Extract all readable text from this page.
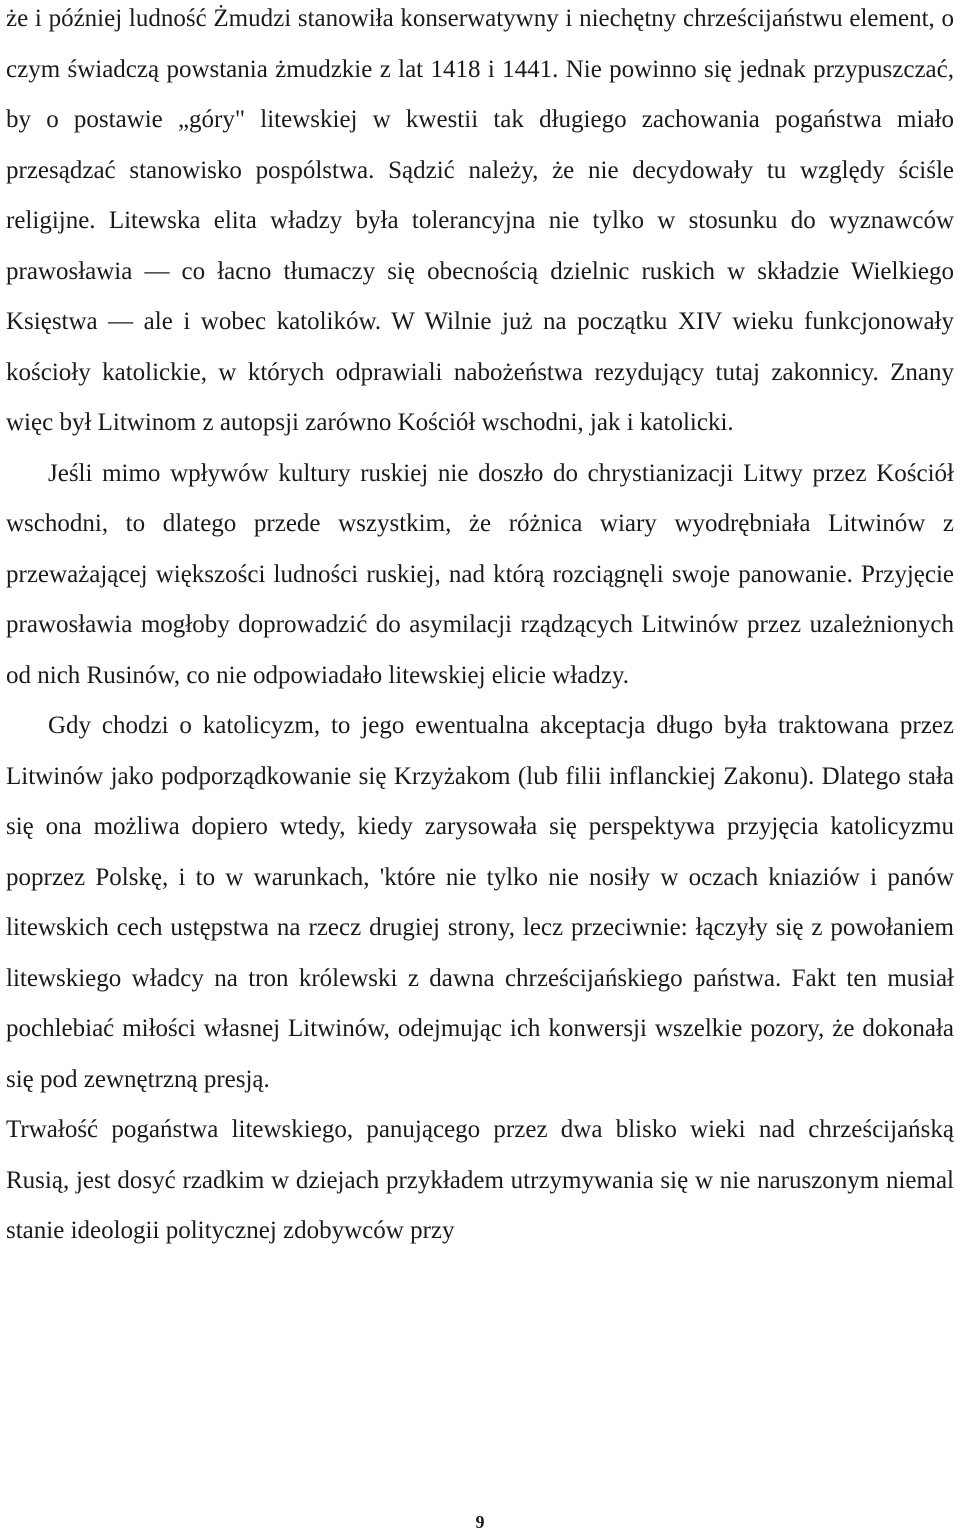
że i później ludność Żmudzi stanowiła konserwatywny i niechętny chrześcijaństwu element, o czym świadczą powstania żmudzkie z lat 1418 i 1441. Nie powinno się jednak przypuszczać, by o postawie „góry" litewskiej w kwestii tak długiego zachowania pogaństwa miało przesądzać stanowisko pospólstwa. Sądzić należy, że nie decydowały tu względy ściśle religijne. Litewska elita władzy była tolerancyjna nie tylko w stosunku do wyznawców prawosławia — co łacno tłumaczy się obecnością dzielnic ruskich w składzie Wielkiego Księstwa — ale i wobec katolików. W Wilnie już na początku XIV wieku funkcjonowały kościoły katolickie, w których odprawiali nabożeństwa rezydujący tutaj zakonnicy. Znany więc był Litwinom z autopsji zarówno Kościół wschodni, jak i katolicki.

Jeśli mimo wpływów kultury ruskiej nie doszło do chrystianizacji Litwy przez Kościół wschodni, to dlatego przede wszystkim, że różnica wiary wyodrębniała Litwinów z przeważającej większości ludności ruskiej, nad którą rozciągnęli swoje panowanie. Przyjęcie prawosławia mogłoby doprowadzić do asymilacji rządzących Litwinów przez uzależnionych od nich Rusinów, co nie odpowiadało litewskiej elicie władzy.

Gdy chodzi o katolicyzm, to jego ewentualna akceptacja długo była traktowana przez Litwinów jako podporządkowanie się Krzyżakom (lub filii inflanckiej Zakonu). Dlatego stała się ona możliwa dopiero wtedy, kiedy zarysowała się perspektywa przyjęcia katolicyzmu poprzez Polskę, i to w warunkach, 'które nie tylko nie nosiły w oczach kniaziów i panów litewskich cech ustępstwa na rzecz drugiej strony, lecz przeciwnie: łączyły się z powołaniem litewskiego władcy na tron królewski z dawna chrześcijańskiego państwa. Fakt ten musiał pochlebiać miłości własnej Litwinów, odejmując ich konwersji wszelkie pozory, że dokonała się pod zewnętrzną presją.

Trwałość pogaństwa litewskiego, panującego przez dwa blisko wieki nad chrześcijańską Rusią, jest dosyć rzadkim w dziejach przykładem utrzymywania się w nie naruszonym niemal stanie ideologii politycznej zdobywców przy

9
